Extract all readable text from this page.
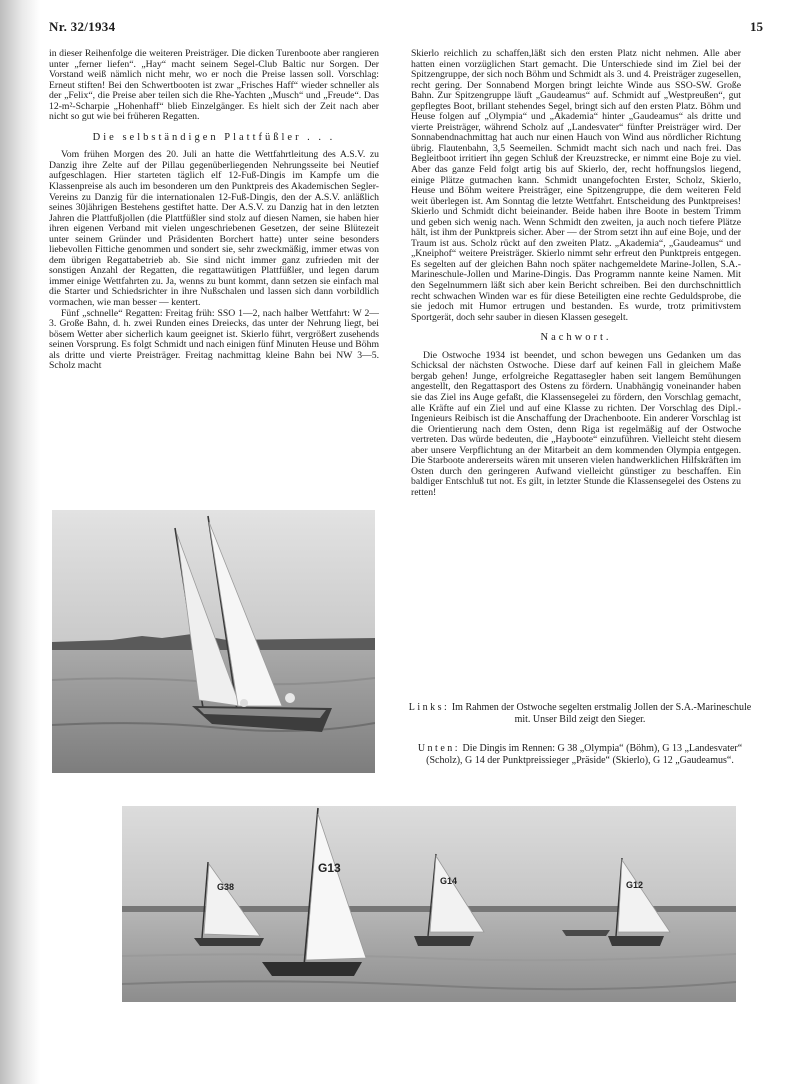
Nr. 32/1934	15

in dieser Reihenfolge die weiteren Preisträger. Die dicken Turenboote aber rangieren unter „ferner liefen“. „Hay“ macht seinem Segel-Club Baltic nur Sorgen. Der Vorstand weiß nämlich nicht mehr, wo er noch die Preise lassen soll. Vorschlag: Erneut stiften! Bei den Schwertbooten ist zwar „Frisches Haff“ wieder schneller als der „Felix“, die Preise aber teilen sich die Rhe-Yachten „Musch“ und „Freude“. Das 12-m²-Scharpie „Hohenhaff“ blieb Einzelgänger. Es hielt sich der Zeit nach aber nicht so gut wie bei früheren Regatten.

Die selbständigen Plattfüßler . . .

Vom frühen Morgen des 20. Juli an hatte die Wettfahrtleitung des A.S.V. zu Danzig ihre Zelte auf der Pillau gegenüberliegenden Nehrungsseite bei Neutief aufgeschlagen. Hier starteten täglich elf 12-Fuß-Dingis im Kampfe um die Klassenpreise als auch im besonderen um den Punktpreis des Akademischen Segler-Vereins zu Danzig für die internationalen 12-Fuß-Dingis, den der A.S.V. anläßlich seines 30jährigen Bestehens gestiftet hatte. Der A.S.V. zu Danzig hat in den letzten Jahren die Plattfußjollen (die Plattfüßler sind stolz auf diesen Namen, sie haben hier ihren eigenen Verband mit vielen ungeschriebenen Gesetzen, der seine Blütezeit unter seinem Gründer und Präsidenten Borchert hatte) unter seine besonders liebevollen Fittiche genommen und sondert sie, sehr zweckmäßig, immer etwas von dem übrigen Regattabetrieb ab. Sie sind nicht immer ganz zufrieden mit der sonstigen Anzahl der Regatten, die regattawütigen Plattfüßler, und legen darum immer einige Wettfahrten zu. Ja, wenns zu bunt kommt, dann setzen sie einfach mal die Starter und Schiedsrichter in ihre Nußschalen und lassen sich dann vorbildlich vormachen, wie man besser — kentert.

Fünf „schnelle“ Regatten: Freitag früh: SSO 1—2, nach halber Wettfahrt: W 2—3. Große Bahn, d. h. zwei Runden eines Dreiecks, das unter der Nehrung liegt, bei bösem Wetter aber sicherlich kaum geeignet ist. Skierlo führt, vergrößert zusehends seinen Vorsprung. Es folgt Schmidt und nach einigen fünf Minuten Heuse und Böhm als dritte und vierte Preisträger. Freitag nachmittag kleine Bahn bei NW 3—5. Scholz macht

Skierlo reichlich zu schaffen,läßt sich den ersten Platz nicht nehmen. Alle aber hatten einen vorzüglichen Start gemacht. Die Unterschiede sind im Ziel bei der Spitzengruppe, der sich noch Böhm und Schmidt als 3. und 4. Preisträger zugesellen, recht gering. Der Sonnabend Morgen bringt leichte Winde aus SSO-SW. Große Bahn. Zur Spitzengruppe läuft „Gaudeamus“ auf. Schmidt auf „Westpreußen“, gut gepflegtes Boot, brillant stehendes Segel, bringt sich auf den ersten Platz. Böhm und Heuse folgen auf „Olympia“ und „Akademia“ hinter „Gaudeamus“ als dritte und vierte Preisträger, während Scholz auf „Landesvater“ fünfter Preisträger wird. Der Sonnabendnachmittag hat auch nur einen Hauch von Wind aus nördlicher Richtung übrig. Flautenbahn, 3,5 Seemeilen. Schmidt macht sich nach und nach frei. Das Begleitboot irritiert ihn gegen Schluß der Kreuzstrecke, er nimmt eine Boje zu viel. Aber das ganze Feld folgt artig bis auf Skierlo, der, recht hoffnungslos liegend, einige Plätze gutmachen kann. Schmidt unangefochten Erster, Scholz, Skierlo, Heuse und Böhm weitere Preisträger, eine Spitzengruppe, die dem weiteren Feld weit überlegen ist. Am Sonntag die letzte Wettfahrt. Entscheidung des Punktpreises! Skierlo und Schmidt dicht beieinander. Beide haben ihre Boote in bestem Trimm und geben sich wenig nach. Wenn Schmidt den zweiten, ja auch noch tiefere Plätze hält, ist ihm der Punktpreis sicher. Aber — der Strom setzt ihn auf eine Boje, und der Traum ist aus. Scholz rückt auf den zweiten Platz. „Akademia“, „Gaudeamus“ und „Kneiphof“ weitere Preisträger. Skierlo nimmt sehr erfreut den Punktpreis entgegen. Es segelten auf der gleichen Bahn noch später nachgemeldete Marine-Jollen, S.A.-Marineschule-Jollen und Marine-Dingis. Das Programm nannte keine Namen. Mit den Segelnummern läßt sich aber kein Bericht schreiben. Bei den durchschnittlich recht schwachen Winden war es für diese Beteiligten eine rechte Geduldsprobe, die sie jedoch mit Humor ertrugen und bestanden. Es wurde, trotz primitivstem Sportgerät, doch sehr sauber in diesen Klassen gesegelt.

Nachwort.

Die Ostwoche 1934 ist beendet, und schon bewegen uns Gedanken um das Schicksal der nächsten Ostwoche. Diese darf auf keinen Fall in gleichem Maße bergab gehen! Junge, erfolgreiche Regattasegler haben seit langem Bemühungen angestellt, den Regattasport des Ostens zu fördern. Unabhängig voneinander haben sie das Ziel ins Auge gefaßt, die Klassensegelei zu fördern, den Vorschlag gemacht, alle Kräfte auf ein Ziel und auf eine Klasse zu richten. Der Vorschlag des Dipl.-Ingenieurs Reibisch ist die Anschaffung der Drachenboote. Ein anderer Vorschlag ist die Orientierung nach dem Osten, denn Riga ist regelmäßig auf der Ostwoche vertreten. Das würde bedeuten, die „Hayboote“ einzuführen. Vielleicht steht diesem aber unsere Verpflichtung an der Mitarbeit an dem kommenden Olympia entgegen. Die Starboote andererseits wären mit unseren vielen handwerklichen Hilfskräften im Osten durch den geringeren Aufwand vielleicht günstiger zu beschaffen. Ein baldiger Entschluß tut not. Es gilt, in letzter Stunde die Klassensegelei des Ostens zu retten!

Links: Im Rahmen der Ostwoche segelten erstmalig Jollen der S.A.-Marineschule mit. Unser Bild zeigt den Sieger.
Unten: Die Dingis im Rennen: G 38 „Olympia“ (Böhm), G 13 „Landesvater“ (Scholz), G 14 der Punktpreissieger „Präside“ (Skierlo), G 12 „Gaudeamus“.
G38
G13
G14	G12
